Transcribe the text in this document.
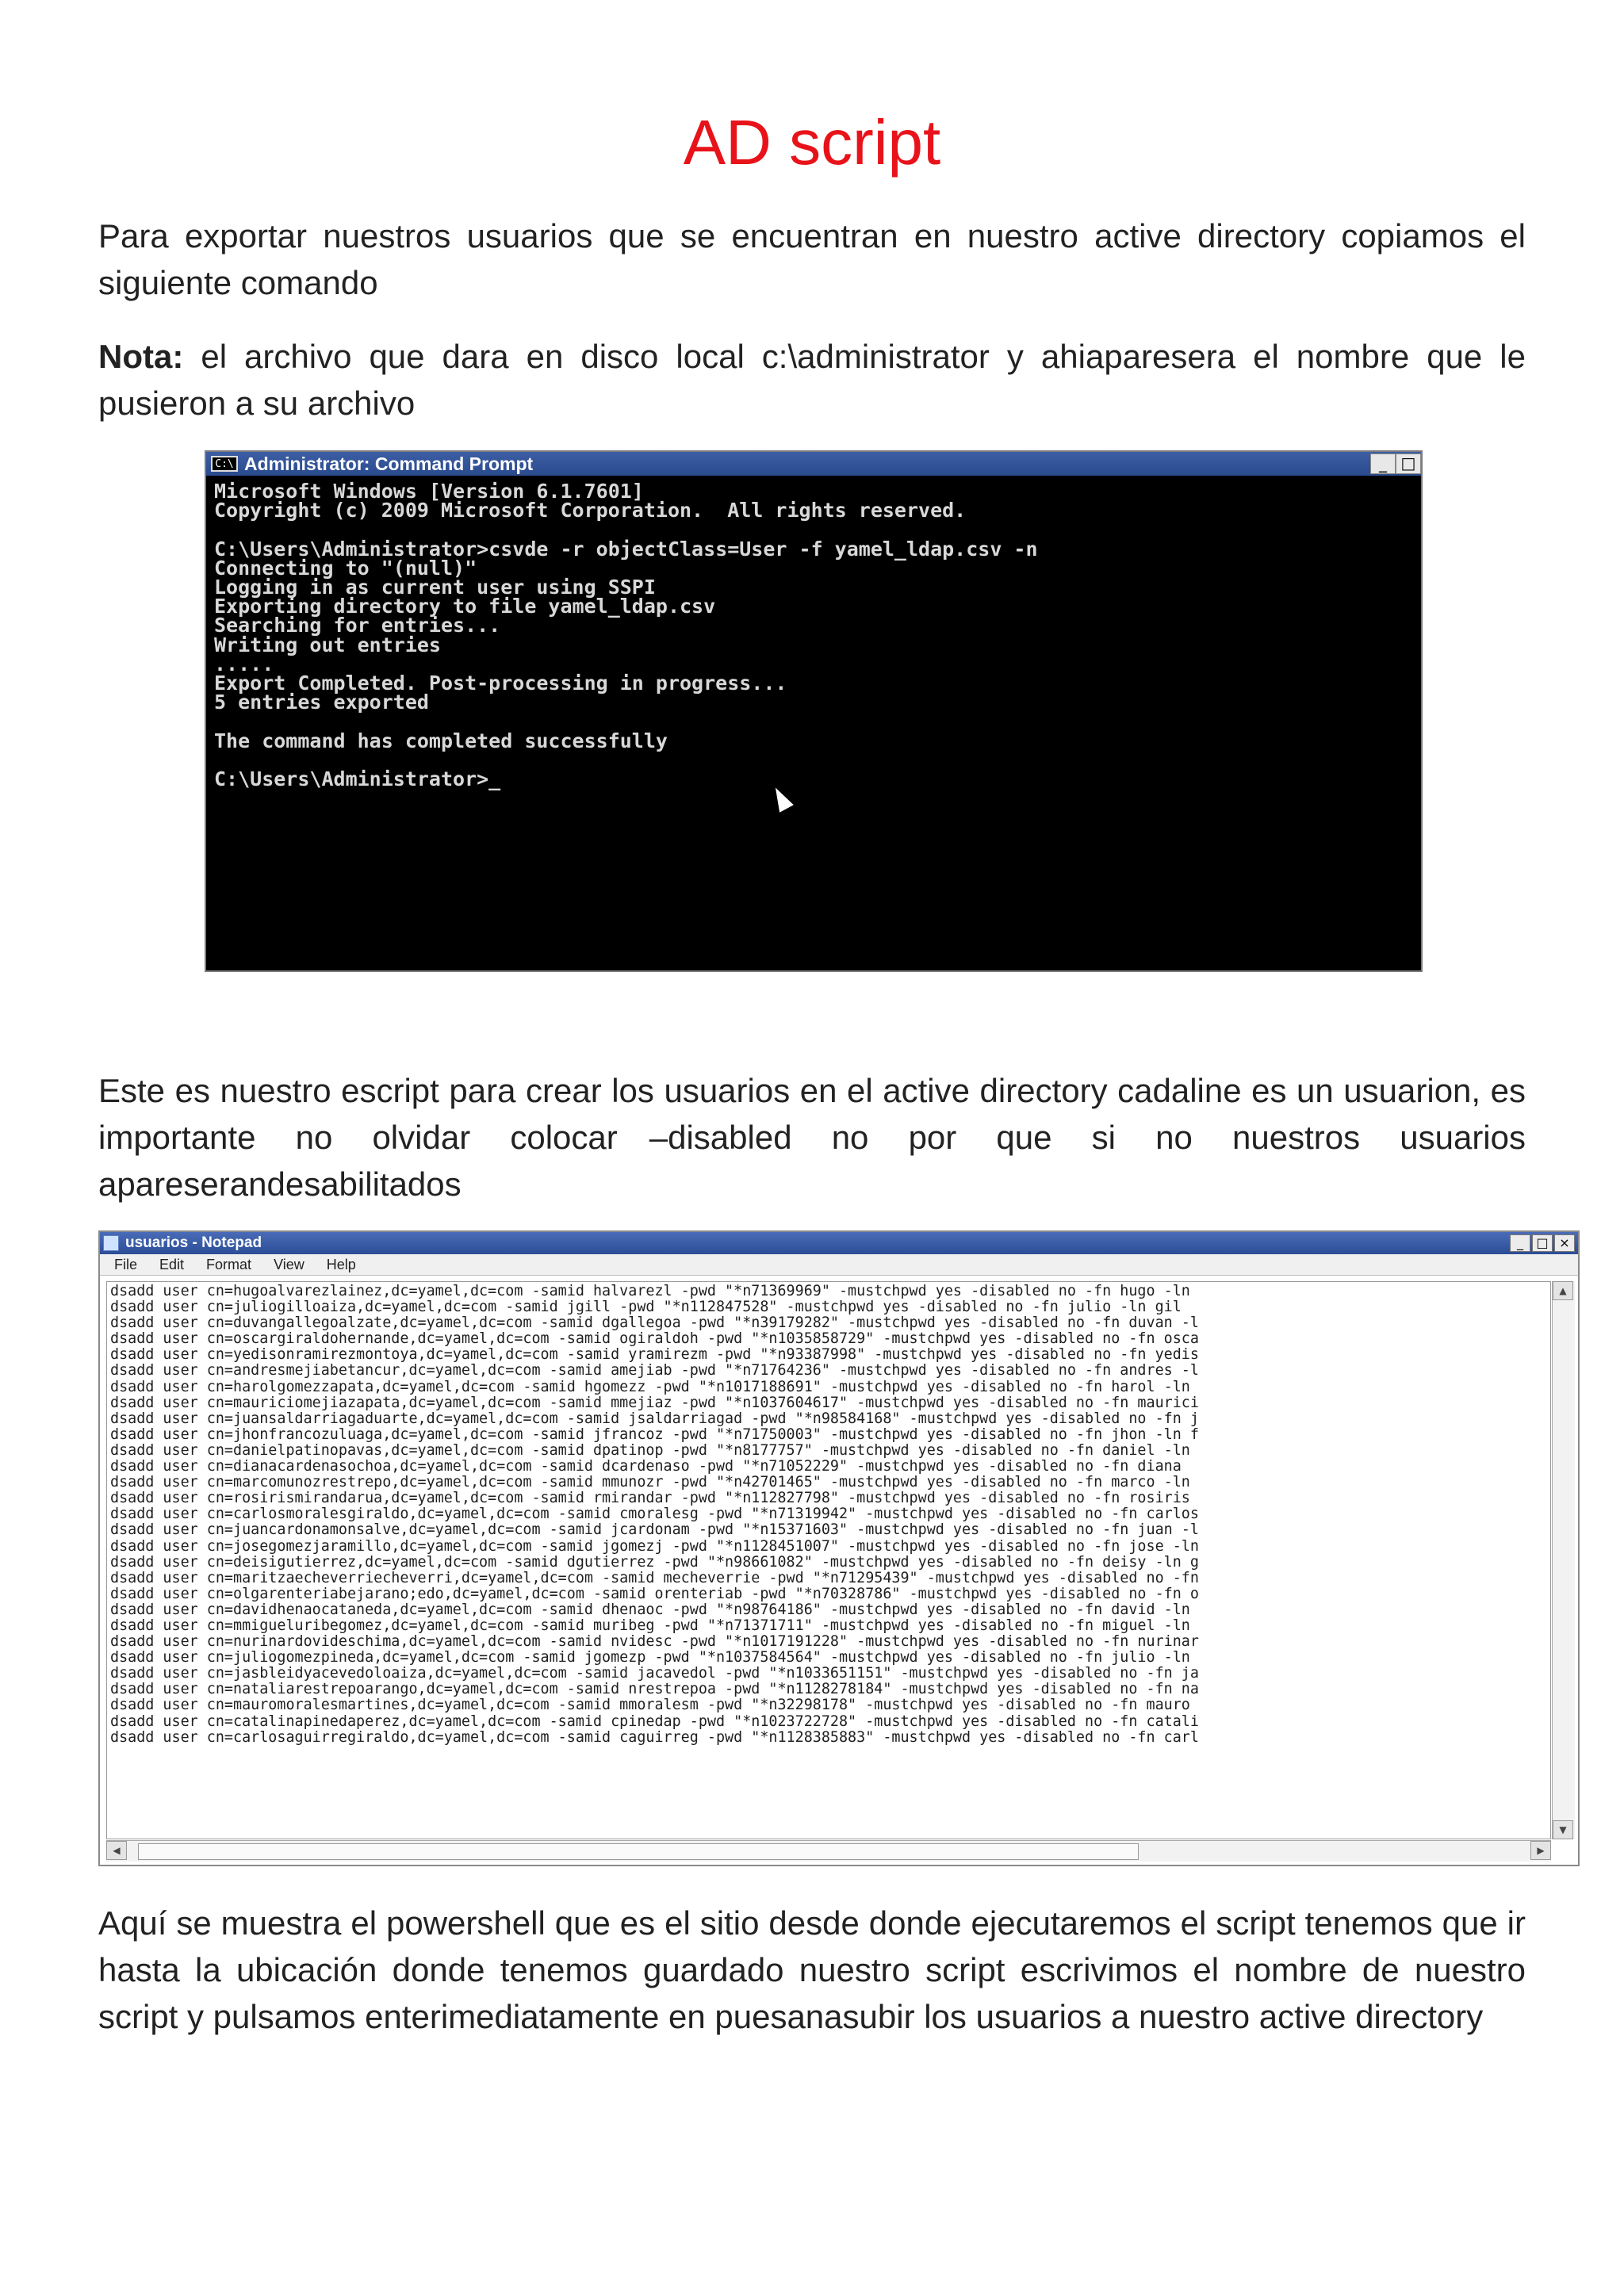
AD script
Para exportar nuestros usuarios que se encuentran en nuestro active directory copiamos el siguiente comando
Nota: el archivo que dara en disco local c:\administrator y ahiaparesera el nombre que le pusieron a su archivo
C:\ Administrator: Command Prompt	_ □
Microsoft Windows [Version 6.1.7601]
Copyright (c) 2009 Microsoft Corporation.  All rights reserved.

C:\Users\Administrator>csvde -r objectClass=User -f yamel_ldap.csv -n
Connecting to "(null)"
Logging in as current user using SSPI
Exporting directory to file yamel_ldap.csv
Searching for entries...
Writing out entries
.....
Export Completed. Post-processing in progress...
5 entries exported

The command has completed successfully

C:\Users\Administrator>_
Este es nuestro escript para crear los usuarios en el active directory cadaline es un usuarion, es importante no olvidar colocar –disabled no por que si no nuestros usuarios apareserandesabilitados
usuarios - Notepad	_	□ ×
File Edit Format View Help
dsadd user cn=hugoalvarezlainez,dc=yamel,dc=com -samid halvarezl -pwd "*n71369969" -mustchpwd yes -disabled no -fn hugo -ln
dsadd user cn=juliogilloaiza,dc=yamel,dc=com -samid jgill -pwd "*n112847528" -mustchpwd yes -disabled no -fn julio -ln gil
dsadd user cn=duvangallegoalzate,dc=yamel,dc=com -samid dgallegoa -pwd "*n39179282" -mustchpwd yes -disabled no -fn duvan -l
dsadd user cn=oscargiraldohernande,dc=yamel,dc=com -samid ogiraldoh -pwd "*n1035858729" -mustchpwd yes -disabled no -fn osca
dsadd user cn=yedisonramirezmontoya,dc=yamel,dc=com -samid yramirezm -pwd "*n93387998" -mustchpwd yes -disabled no -fn yedis
dsadd user cn=andresmejiabetancur,dc=yamel,dc=com -samid amejiab -pwd "*n71764236" -mustchpwd yes -disabled no -fn andres -l
dsadd user cn=harolgomezzapata,dc=yamel,dc=com -samid hgomezz -pwd "*n1017188691" -mustchpwd yes -disabled no -fn harol -ln
dsadd user cn=mauriciomejiazapata,dc=yamel,dc=com -samid mmejiaz -pwd "*n1037604617" -mustchpwd yes -disabled no -fn maurici
dsadd user cn=juansaldarriagaduarte,dc=yamel,dc=com -samid jsaldarriagad -pwd "*n98584168" -mustchpwd yes -disabled no -fn j
dsadd user cn=jhonfrancozuluaga,dc=yamel,dc=com -samid jfrancoz -pwd "*n71750003" -mustchpwd yes -disabled no -fn jhon -ln f
dsadd user cn=danielpatinopavas,dc=yamel,dc=com -samid dpatinop -pwd "*n8177757" -mustchpwd yes -disabled no -fn daniel -ln
dsadd user cn=dianacardenasochoa,dc=yamel,dc=com -samid dcardenaso -pwd "*n71052229" -mustchpwd yes -disabled no -fn diana
dsadd user cn=marcomunozrestrepo,dc=yamel,dc=com -samid mmunozr -pwd "*n42701465" -mustchpwd yes -disabled no -fn marco -ln
dsadd user cn=rosirismirandarua,dc=yamel,dc=com -samid rmirandar -pwd "*n112827798" -mustchpwd yes -disabled no -fn rosiris
dsadd user cn=carlosmoralesgiraldo,dc=yamel,dc=com -samid cmoralesg -pwd "*n71319942" -mustchpwd yes -disabled no -fn carlos
dsadd user cn=juancardonamonsalve,dc=yamel,dc=com -samid jcardonam -pwd "*n15371603" -mustchpwd yes -disabled no -fn juan -l
dsadd user cn=josegomezjaramillo,dc=yamel,dc=com -samid jgomezj -pwd "*n1128451007" -mustchpwd yes -disabled no -fn jose -ln
dsadd user cn=deisigutierrez,dc=yamel,dc=com -samid dgutierrez -pwd "*n98661082" -mustchpwd yes -disabled no -fn deisy -ln g
dsadd user cn=maritzaecheverriecheverri,dc=yamel,dc=com -samid mecheverrie -pwd "*n71295439" -mustchpwd yes -disabled no -fn
dsadd user cn=olgarenteriabejarano;edo,dc=yamel,dc=com -samid orenteriab -pwd "*n70328786" -mustchpwd yes -disabled no -fn o
dsadd user cn=davidhenaocataneda,dc=yamel,dc=com -samid dhenaoc -pwd "*n98764186" -mustchpwd yes -disabled no -fn david -ln
dsadd user cn=mmigueluribegomez,dc=yamel,dc=com -samid muribeg -pwd "*n71371711" -mustchpwd yes -disabled no -fn miguel -ln
dsadd user cn=nurinardovideschima,dc=yamel,dc=com -samid nvidesc -pwd "*n1017191228" -mustchpwd yes -disabled no -fn nurinar
dsadd user cn=juliogomezpineda,dc=yamel,dc=com -samid jgomezp -pwd "*n1037584564" -mustchpwd yes -disabled no -fn julio -ln
dsadd user cn=jasbleidyacevedoloaiza,dc=yamel,dc=com -samid jacavedol -pwd "*n1033651151" -mustchpwd yes -disabled no -fn ja
dsadd user cn=nataliarestrepoarango,dc=yamel,dc=com -samid nrestrepoa -pwd "*n1128278184" -mustchpwd yes -disabled no -fn na
dsadd user cn=mauromoralesmartines,dc=yamel,dc=com -samid mmoralesm -pwd "*n32298178" -mustchpwd yes -disabled no -fn mauro
dsadd user cn=catalinapinedaperez,dc=yamel,dc=com -samid cpinedap -pwd "*n1023722728" -mustchpwd yes -disabled no -fn catali
dsadd user cn=carlosaguirregiraldo,dc=yamel,dc=com -samid caguirreg -pwd "*n1128385883" -mustchpwd yes -disabled no -fn carl
▲
▼
◀	▶
Aquí se muestra el powershell que es el sitio desde donde ejecutaremos el script tenemos que ir hasta la ubicación donde tenemos guardado nuestro script escrivimos el nombre de nuestro script y pulsamos enterimediatamente en puesanasubir los usuarios a nuestro active directory
